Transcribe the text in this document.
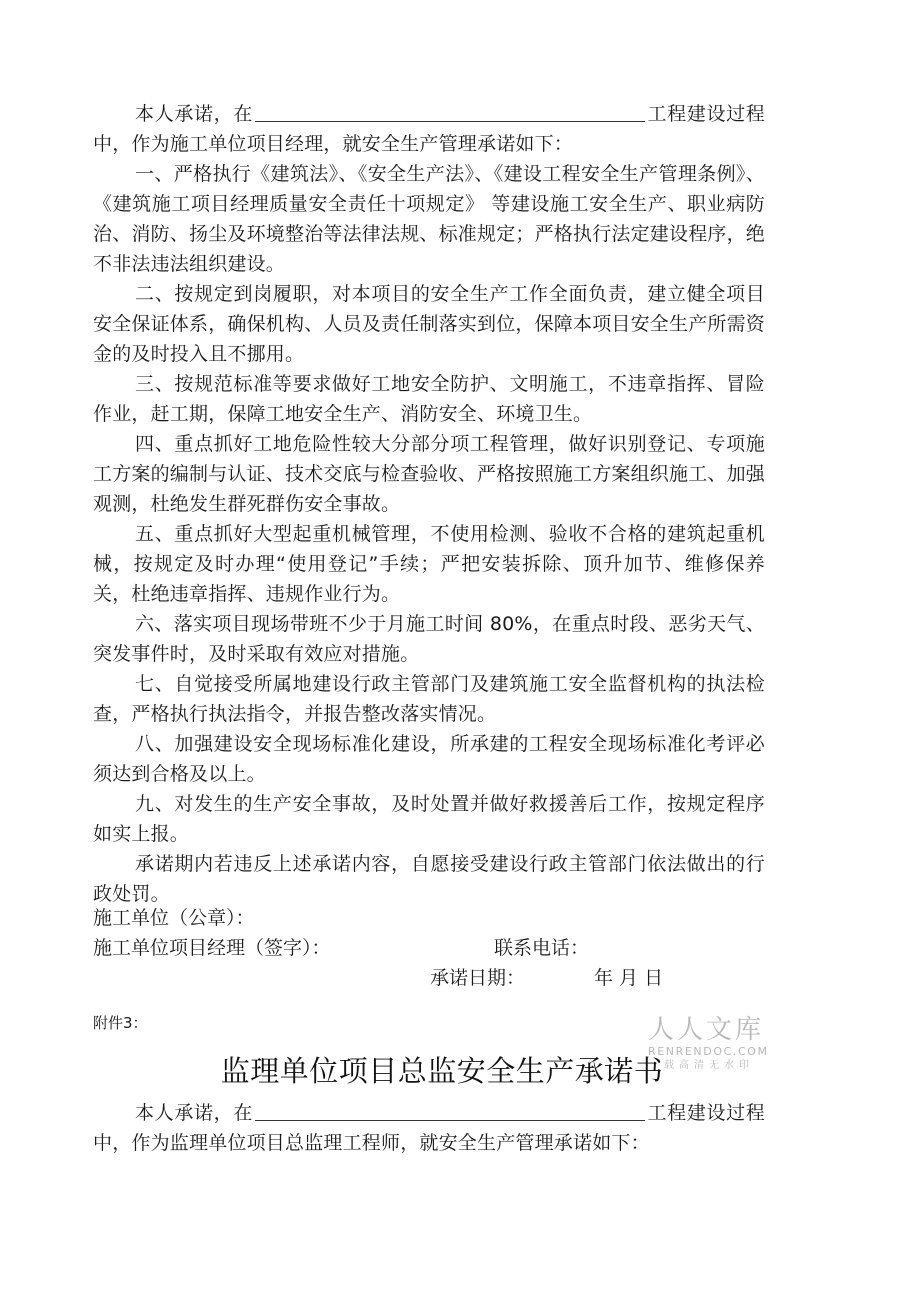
本人承诺，在	工程建设过程中，作为施工单位项目经理，就安全生产管理承诺如下：

一、严格执行《建筑法》、《安全生产法》、《建设工程安全生产管理条例》、《建筑施工项目经理质量安全责任十项规定》 等建设施工安全生产、职业病防治、消防、扬尘及环境整治等法律法规、标准规定；严格执行法定建设程序，绝不非法违法组织建设。

二、按规定到岗履职，对本项目的安全生产工作全面负责，建立健全项目安全保证体系，确保机构、人员及责任制落实到位，保障本项目安全生产所需资金的及时投入且不挪用。

三、按规范标准等要求做好工地安全防护、文明施工，不违章指挥、冒险作业，赶工期，保障工地安全生产、消防安全、环境卫生。

四、重点抓好工地危险性较大分部分项工程管理，做好识别登记、专项施工方案的编制与认证、技术交底与检查验收、严格按照施工方案组织施工、加强观测，杜绝发生群死群伤安全事故。

五、重点抓好大型起重机械管理，不使用检测、验收不合格的建筑起重机械，按规定及时办理“使用登记”手续；严把安装拆除、顶升加节、维修保养关，杜绝违章指挥、违规作业行为。

六、落实项目现场带班不少于月施工时间 80%，在重点时段、恶劣天气、突发事件时，及时采取有效应对措施。

七、自觉接受所属地建设行政主管部门及建筑施工安全监督机构的执法检查，严格执行执法指令，并报告整改落实情况。

八、加强建设安全现场标准化建设，所承建的工程安全现场标准化考评必须达到合格及以上。

九、对发生的生产安全事故，及时处置并做好救援善后工作，按规定程序如实上报。

承诺期内若违反上述承诺内容，自愿接受建设行政主管部门依法做出的行政处罚。

施工单位（公章）：
施工单位项目经理（签字）：	联系电话：
承诺日期：	年 月 日
附件3：	人人文库
RENRENDOC.COM
载高清无水印
监理单位项目总监安全生产承诺书

本人承诺，在	工程建设过程中，作为监理单位项目总监理工程师，就安全生产管理承诺如下：
